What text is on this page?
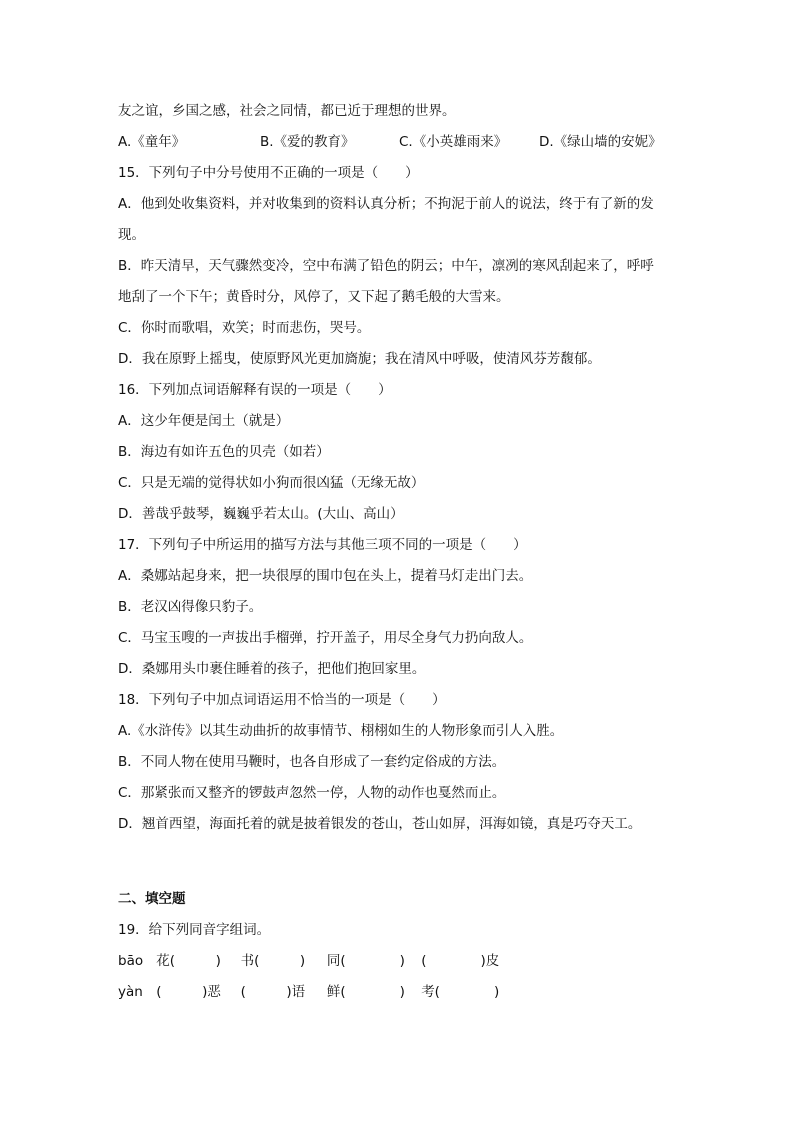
友之谊，乡国之感，社会之同情，都已近于理想的世界。
A.《童年》	B.《爱的教育》	C.《小英雄雨来》	D.《绿山墙的安妮》
15．下列句子中分号使用不正确的一项是（　　）
A．他到处收集资料，并对收集到的资料认真分析；不拘泥于前人的说法，终于有了新的发
现。
B．昨天清早，天气骤然变冷，空中布满了铅色的阴云；中午，凛冽的寒风刮起来了，呼呼
地刮了一个下午；黄昏时分，风停了，又下起了鹅毛般的大雪来。
C．你时而歌唱，欢笑；时而悲伤，哭号。
D．我在原野上摇曳，使原野风光更加旖旎；我在清风中呼吸，使清风芬芳馥郁。
16．下列加点词语解释有误的一项是（　　）
A．这少年便是闰土（就是）
B．海边有如许五色的贝壳（如若）
C．只是无端的觉得状如小狗而很凶猛（无缘无故）
D．善哉乎鼓琴，巍巍乎若太山。(大山、高山）
17．下列句子中所运用的描写方法与其他三项不同的一项是（　　）
A．桑娜站起身来，把一块很厚的围巾包在头上，提着马灯走出门去。
B．老汉凶得像只豹子。
C．马宝玉嗖的一声拔出手榴弹，拧开盖子，用尽全身气力扔向敌人。
D．桑娜用头巾裹住睡着的孩子，把他们抱回家里。
18．下列句子中加点词语运用不恰当的一项是（　　）
A.《水浒传》以其生动曲折的故事情节、栩栩如生的人物形象而引人入胜。
B．不同人物在使用马鞭时，也各自形成了一套约定俗成的方法。
C．那紧张而又整齐的锣鼓声忽然一停，人物的动作也戛然而止。
D．翘首西望，海面托着的就是披着银发的苍山，苍山如屏，洱海如镜，真是巧夺天工。
二、填空题
19．给下列同音字组词。
bāo 花(　　　) 书(　　　) 同(　　　　) (　　　　)皮
yàn (　　　)恶 (　　　)语 鲜(　　　　) 考(　　　　)
